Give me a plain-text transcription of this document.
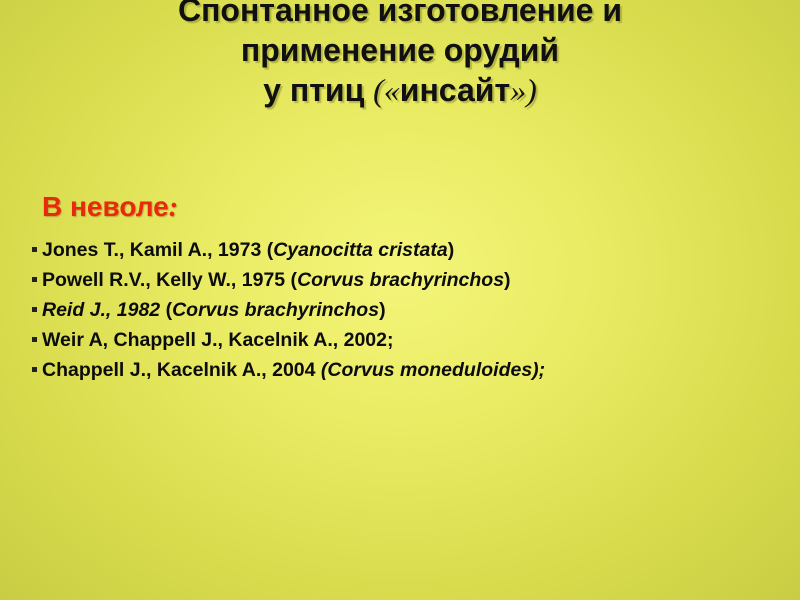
Спонтанное изготовление и
применение орудий
у птиц («инсайт»)
В неволе:
Jones T., Kamil A., 1973 (Cyanocitta cristata)
Powell R.V., Kelly W., 1975 (Corvus brachyrinchos)
Reid J., 1982 (Corvus brachyrinchos)
Weir A, Chappell J., Kacelnik A., 2002;
Chappell J., Kacelnik A., 2004 (Corvus moneduloides);
